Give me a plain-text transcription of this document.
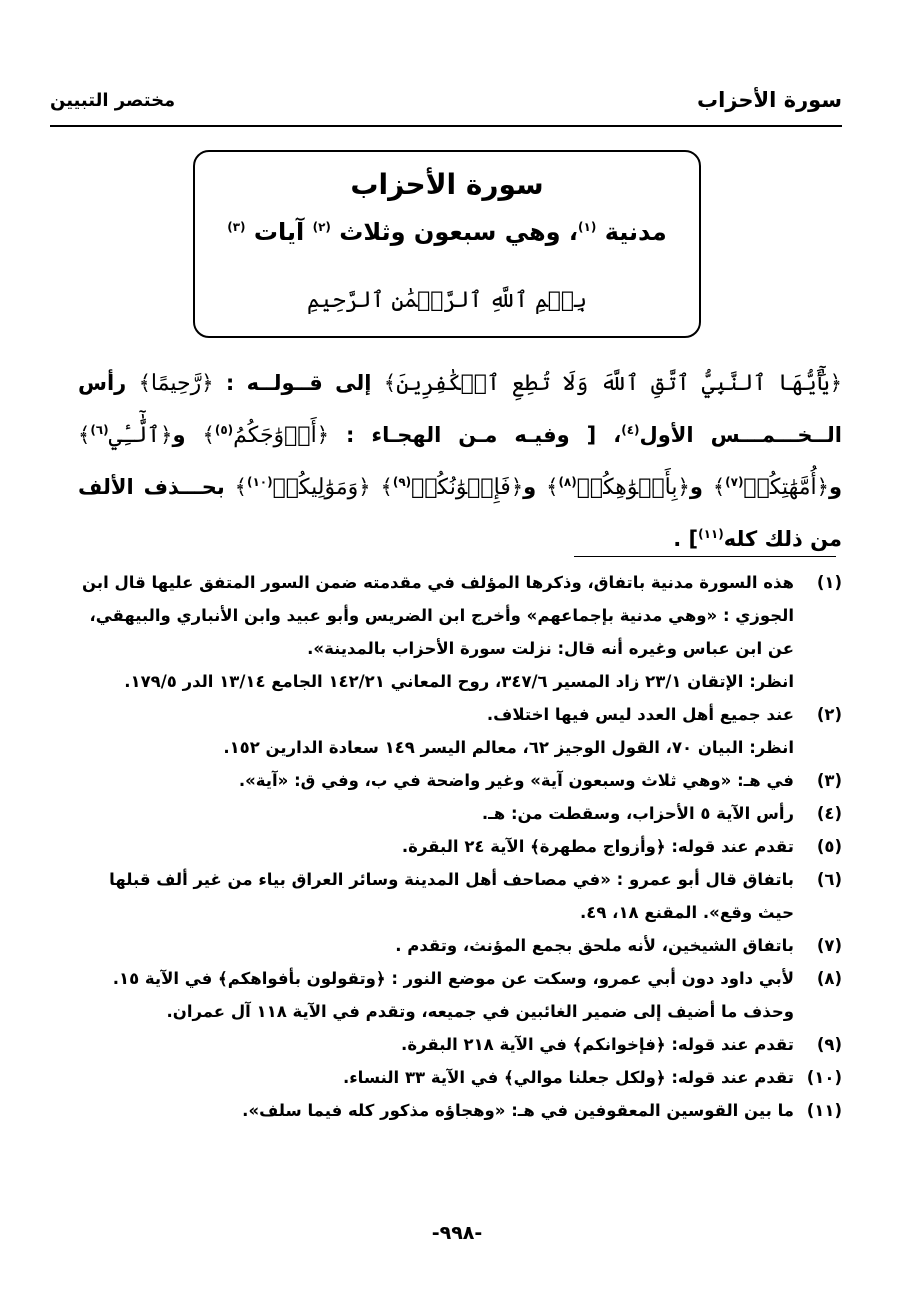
سورة الأحزاب
مختصر التبيين
سورة الأحزاب
مدنية $^{(١)}$، وهي سبعون وثلاث $^{(٢)}$ آيات $^{(٣)}$
بِسۡمِ ٱللَّهِ ٱلرَّحۡمَٰنِ ٱلرَّحِيمِ
﴿يَٰٓأَيُّهَا ٱلنَّبِيُّ ٱتَّقِ ٱللَّهَ وَلَا تُطِعِ ٱلۡكَٰفِرِينَ﴾ إلى قــولــه : ﴿رَّحِيمًا﴾ رأس الــخـــمـــس الأول$^{(٤)}$، [ وفيـه مـن الهجـاء : ﴿أَزۡوَٰجَكُمُ$^{(٥)}$﴾ و﴿ٱلَّٰٓـِٔي$^{(٦)}$﴾ و﴿أُمَّهَٰتِكُمۡ$^{(٧)}$﴾ و﴿بِأَفۡوَٰهِكُمۡ$^{(٨)}$﴾ و﴿فَإِخۡوَٰنُكُمۡ$^{(٩)}$﴾ ﴿وَمَوَٰلِيكُمۡ$^{(١٠)}$﴾ بحـــذف الألف من ذلك كله$^{(١١)}$] .
(١)
هذه السورة مدنية باتفاق، وذكرها المؤلف في مقدمته ضمن السور المتفق عليها قال ابن الجوزي : «وهي مدنية بإجماعهم» وأخرج ابن الضريس وأبو عبيد وابن الأنباري والبيهقي، عن ابن عباس وغيره أنه قال: نزلت سورة الأحزاب بالمدينة».
انظر: الإتقان ٢٣/١ زاد المسير ٣٤٧/٦، روح المعاني ١٤٢/٢١ الجامع ١٣/١٤ الدر ١٧٩/٥.
(٢)
عند جميع أهل العدد ليس فيها اختلاف.
انظر: البيان ٧٠، القول الوجيز ٦٢، معالم اليسر ١٤٩ سعادة الدارين ١٥٢.
(٣)
في هـ: «وهي ثلاث وسبعون آية» وغير واضحة في ب، وفي ق: «آية».
(٤)
رأس الآية ٥ الأحزاب، وسقطت من: هـ.
(٥)
تقدم عند قوله: ﴿وأزواج مطهرة﴾ الآية ٢٤ البقرة.
(٦)
باتفاق قال أبو عمرو : «في مصاحف أهل المدينة وسائر العراق بياء من غير ألف قبلها حيث وقع». المقنع ١٨، ٤٩.
(٧)
باتفاق الشيخين، لأنه ملحق بجمع المؤنث، وتقدم .
(٨)
لأبي داود دون أبي عمرو، وسكت عن موضع النور : ﴿وتقولون بأفواهكم﴾ في الآية ١٥.
وحذف ما أضيف إلى ضمير الغائبين في جميعه، وتقدم في الآية ١١٨ آل عمران.
(٩)
تقدم عند قوله: ﴿فإخوانكم﴾ في الآية ٢١٨ البقرة.
(١٠)
تقدم عند قوله: ﴿ولكل جعلنا موالي﴾ في الآية ٣٣ النساء.
(١١)
ما بين القوسين المعقوفين في هـ: «وهجاؤه مذكور كله فيما سلف».
-٩٩٨-
